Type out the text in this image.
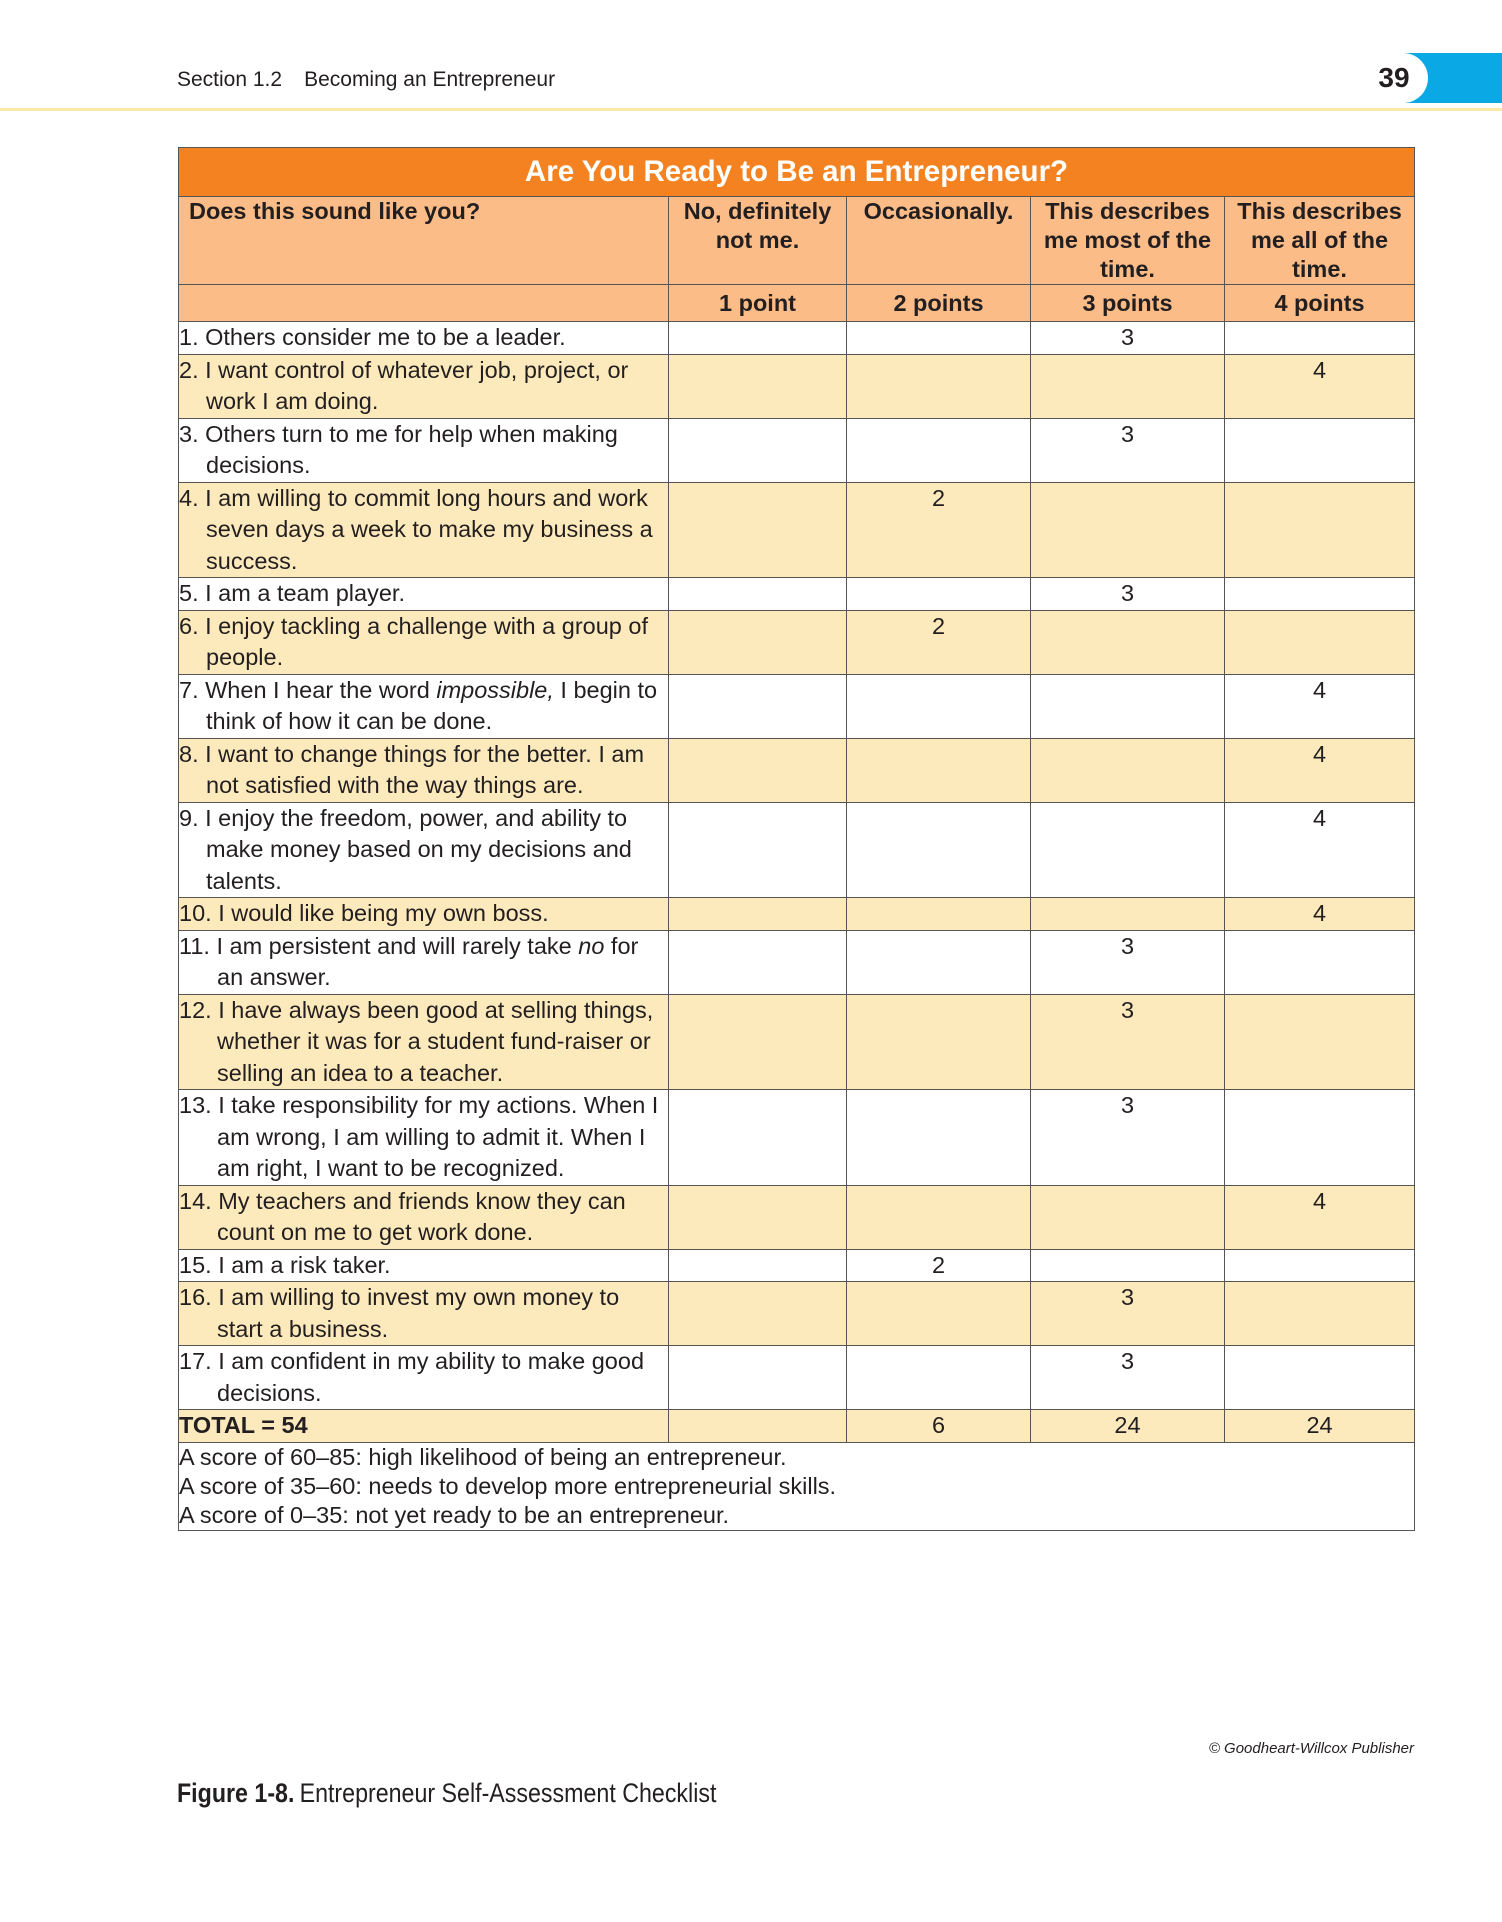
Section 1.2 Becoming an Entrepreneur	39
Are You Ready to Be an Entrepreneur?				
Does this sound like you?	No, definitely not me.	Occasionally.	This describes me most of the time.	This describes me all of the time.
	1 point	2 points	3 points	4 points

1. Others consider me to be a leader.			3	

2. I want control of whatever job, project, or work I am doing.				4

3. Others turn to me for help when making decisions.			3	

4. I am willing to commit long hours and work seven days a week to make my business a success.		2		

5. I am a team player.			3	

6. I enjoy tackling a challenge with a group of people.		2		

7. When I hear the word impossible, I begin to think of how it can be done.				4

8. I want to change things for the better. I am not satisfied with the way things are.				4

9. I enjoy the freedom, power, and ability to make money based on my decisions and talents.				4

10. I would like being my own boss.				4

11. I am persistent and will rarely take no for an answer.			3	

12. I have always been good at selling things, whether it was for a student fund-raiser or selling an idea to a teacher.			3	

13. I take responsibility for my actions. When I am wrong, I am willing to admit it. When I am right, I want to be recognized.			3	

14. My teachers and friends know they can count on me to get work done.				4

15. I am a risk taker.		2		

16. I am willing to invest my own money to start a business.			3	

17. I am confident in my ability to make good decisions.			3	
TOTAL = 54		6	24	24

A score of 60–85: high likelihood of being an entrepreneur.
A score of 35–60: needs to develop more entrepreneurial skills.
A score of 0–35: not yet ready to be an entrepreneur.				
© Goodheart-Willcox Publisher
Figure 1-8. Entrepreneur Self-Assessment Checklist
